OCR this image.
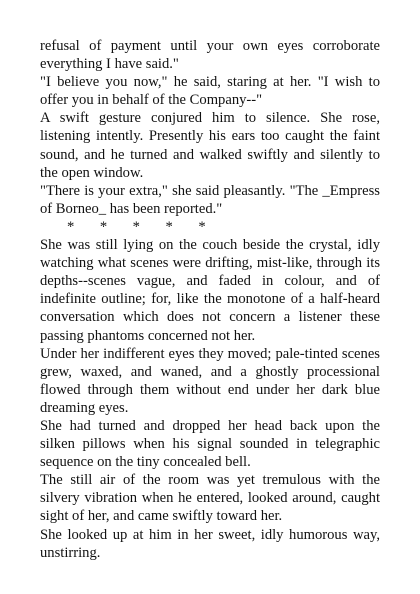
refusal of payment until your own eyes corroborate everything I have said."

"I believe you now," he said, staring at her. "I wish to offer you in behalf of the Company--"

A swift gesture conjured him to silence. She rose, listening intently. Presently his ears too caught the faint sound, and he turned and walked swiftly and silently to the open window.

"There is your extra," she said pleasantly. "The _Empress of Borneo_ has been reported."

*       *       *       *       *

She was still lying on the couch beside the crystal, idly watching what scenes were drifting, mist-like, through its depths--scenes vague, and faded in colour, and of indefinite outline; for, like the monotone of a half-heard conversation which does not concern a listener these passing phantoms concerned not her.

Under her indifferent eyes they moved; pale-tinted scenes grew, waxed, and waned, and a ghostly processional flowed through them without end under her dark blue dreaming eyes.

She had turned and dropped her head back upon the silken pillows when his signal sounded in telegraphic sequence on the tiny concealed bell.

The still air of the room was yet tremulous with the silvery vibration when he entered, looked around, caught sight of her, and came swiftly toward her.

She looked up at him in her sweet, idly humorous way, unstirring.
